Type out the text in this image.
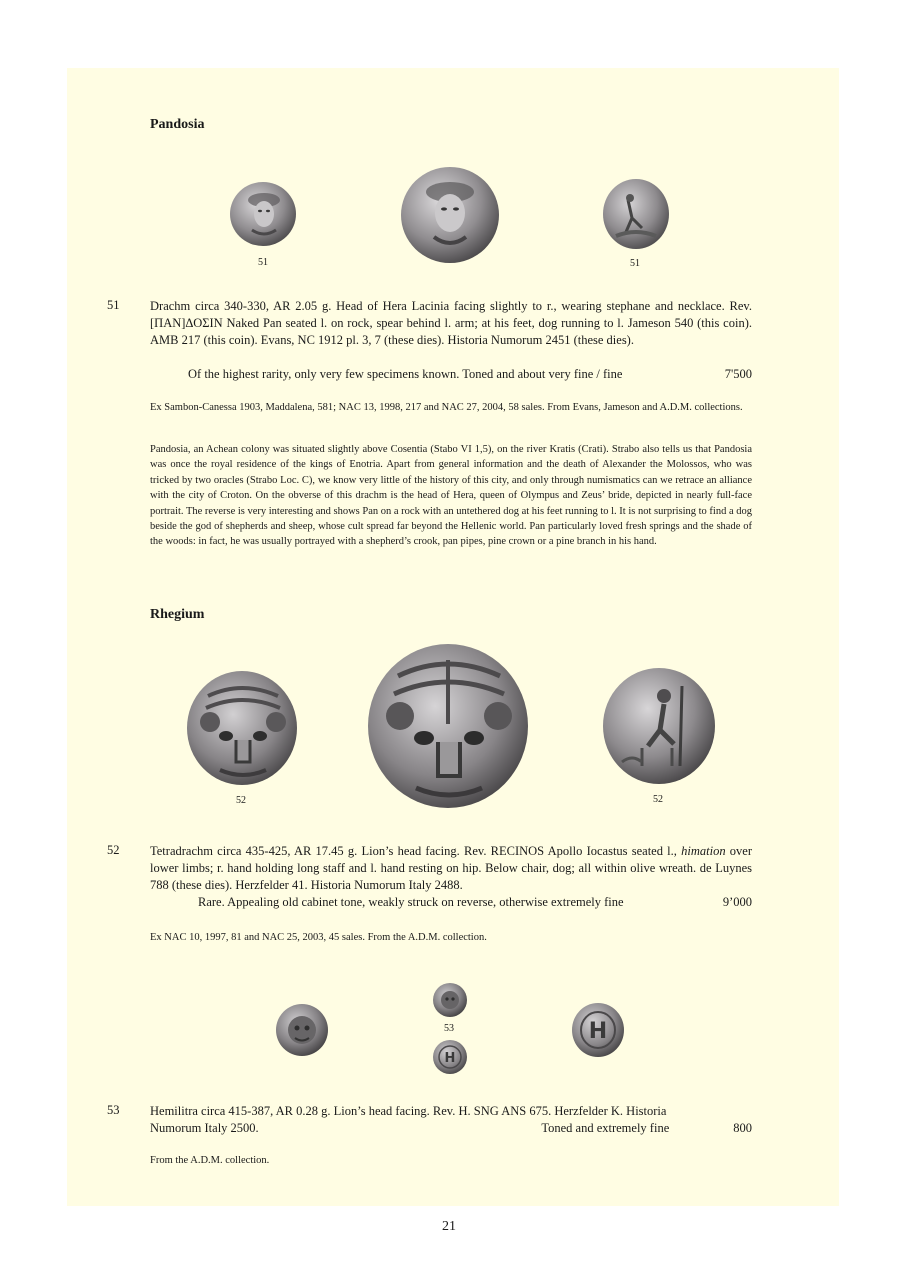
Pandosia
51	51
51 Drachm circa 340-330, AR 2.05 g. Head of Hera Lacinia facing slightly to r., wearing stephane and necklace. Rev. [ΠΑΝ]ΔΟΣΙΝ Naked Pan seated l. on rock, spear behind l. arm; at his feet, dog running to l. Jameson 540 (this coin). AMB 217 (this coin). Evans, NC 1912 pl. 3, 7 (these dies). Historia Numorum 2451 (these dies).
Of the highest rarity, only very few specimens known. Toned and about very fine / fine	7'500
Ex Sambon-Canessa 1903, Maddalena, 581; NAC 13, 1998, 217 and NAC 27, 2004, 58 sales. From Evans, Jameson and A.D.M. collections.
Pandosia, an Achean colony was situated slightly above Cosentia (Stabo VI 1,5), on the river Kratis (Crati). Strabo also tells us that Pandosia was once the royal residence of the kings of Enotria. Apart from general information and the death of Alexander the Molossos, who was tricked by two oracles (Strabo Loc. C), we know very little of the history of this city, and only through numismatics can we retrace an alliance with the city of Croton. On the obverse of this drachm is the head of Hera, queen of Olympus and Zeus’ bride, depicted in nearly full-face portrait. The reverse is very interesting and shows Pan on a rock with an untethered dog at his feet running to l. It is not surprising to find a dog beside the god of shepherds and sheep, whose cult spread far beyond the Hellenic world. Pan particularly loved fresh springs and the shade of the woods: in fact, he was usually portrayed with a shepherd’s crook, pan pipes, pine crown or a pine branch in his hand.
Rhegium
52	52
52 Tetradrachm circa 435-425, AR 17.45 g. Lion’s head facing. Rev. RECINOS Apollo Iocastus seated l., himation over lower limbs; r. hand holding long staff and l. hand resting on hip. Below chair, dog; all within olive wreath. de Luynes 788 (these dies). Herzfelder 41. Historia Numorum Italy 2488.
Rare. Appealing old cabinet tone, weakly struck on reverse, otherwise extremely fine	9’000
Ex NAC 10, 1997, 81 and NAC 25, 2003, 45 sales. From the A.D.M. collection.
53
H
H
53 Hemilitra circa 415-387, AR 0.28 g. Lion’s head facing. Rev. H. SNG ANS 675. Herzfelder K. Historia
Numorum Italy 2500.	Toned and extremely fine	800
From the A.D.M. collection.
21
